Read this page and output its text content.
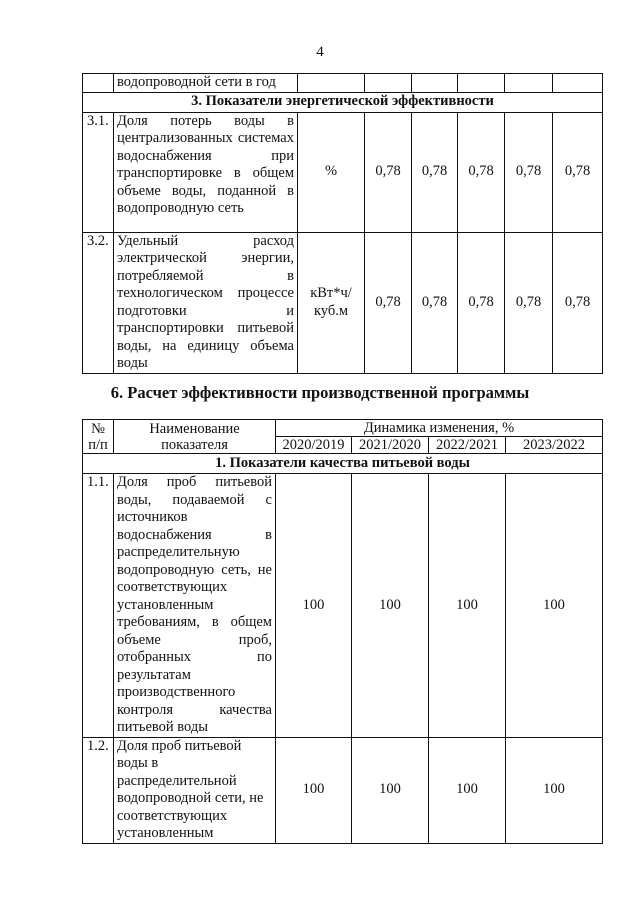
4
	водопроводной сети в год						
3. Показатели энергетической эффективности							
3.1.	Доля потерь воды в централизованных системах водоснабжения при транспортировке в общем объеме воды, поданной в водопроводную сеть	%	0,78	0,78	0,78	0,78	0,78
3.2.	Удельный расход электрической энергии, потребляемой в технологическом процессе подготовки и транспортировки питьевой воды, на единицу объема воды	кВт*ч/ куб.м	0,78	0,78	0,78	0,78	0,78
6. Расчет эффективности производственной программы
№ п/п	Наименование показателя	Динамика изменения, %			
		2020/2019	2021/2020	2022/2021	2023/2022
1. Показатели качества питьевой воды					
1.1.	Доля проб питьевой воды, подаваемой с источников водоснабжения в распределительную водопроводную сеть, не соответствующих установленным требованиям, в общем объеме проб, отобранных по результатам производственного контроля качества питьевой воды	100	100	100	100
1.2.	Доля проб питьевой воды в распределительной водопроводной сети, не соответствующих установленным	100	100	100	100
